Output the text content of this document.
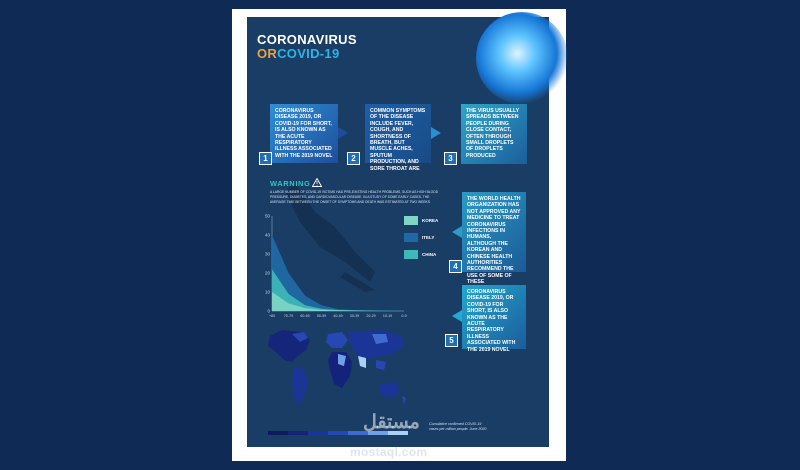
CORONAVIRUS
ORCOVID-19
CORONAVIRUS DISEASE 2019, OR COVID-19 FOR SHORT, IS ALSO KNOWN AS THE ACUTE RESPIRATORY ILLNESS ASSOCIATED WITH THE 2019 NOVEL
1
COMMON SYMPTOMS OF THE DISEASE INCLUDE FEVER, COUGH, AND SHORTNESS OF BREATH, BUT MUSCLE ACHES, SPUTUM PRODUCTION, AND SORE THROAT ARE
2
THE VIRUS USUALLY SPREADS BETWEEN PEOPLE DURING CLOSE CONTACT, OFTEN THROUGH SMALL DROPLETS OF DROPLETS PRODUCED
3
WARNING
A LARGE NUMBER OF COVID-19 VICTIMS HAD PRE-EXISTING HEALTH PROBLEMS, SUCH AS HIGH BLOOD PRESSURE, DIABETES, AND CARDIOVASCULAR DISEASE. IN A STUDY OF SOME EARLY CASES, THE AVERAGE TIME BETWEEN THE ONSET OF SYMPTOMS AND DEATH WAS ESTIMATED AT TWO WEEKS
0
10
20
30
40
50
+80 70-79 60-69 50-59 40-49 30-39 20-29 10-19	0-9
KOREA
ITELY
CHINA
THE WORLD HEALTH ORGANIZATION HAS NOT APPROVED ANY MEDICINE TO TREAT CORONAVIRUS INFECTIONS IN HUMANS, ALTHOUGH THE KOREAN AND CHINESE HEALTH AUTHORITIES RECOMMEND THE USE OF SOME OF THESE
4
CORONAVIRUS DISEASE 2019, OR COVID-19 FOR SHORT, IS ALSO KNOWN AS THE ACUTE RESPIRATORY ILLNESS ASSOCIATED WITH THE 2019 NOVEL
5
Cumulative confirmed COVID-19 cases per million people. June 2020
مستقل
mostaql.com
